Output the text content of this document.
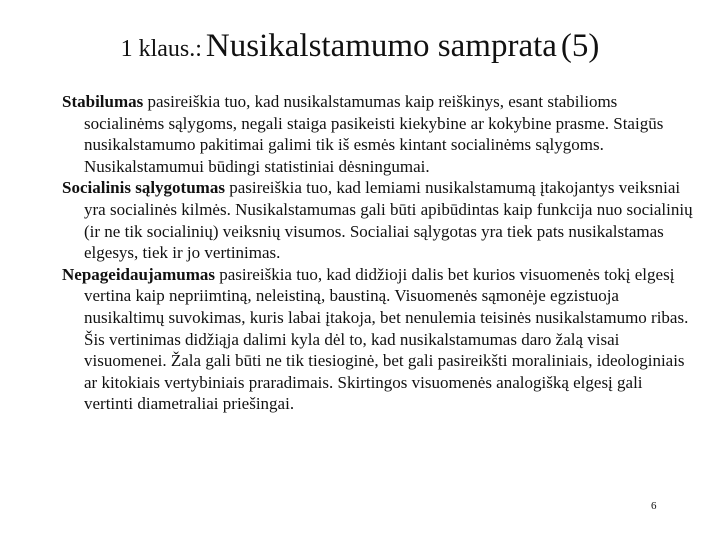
1 klaus.: Nusikalstamumo samprata (5)

Stabilumas pasireiškia tuo, kad nusikalstamumas kaip reiškinys, esant stabilioms socialinėms sąlygoms, negali staiga pasikeisti kiekybine ar kokybine prasme. Staigūs nusikalstamumo pakitimai galimi tik iš esmės kintant socialinėms sąlygoms. Nusikalstamumui būdingi statistiniai dėsningumai.

Socialinis sąlygotumas pasireiškia tuo, kad lemiami nusikalstamumą įtakojantys veiksniai yra socialinės kilmės. Nusikalstamumas gali būti apibūdintas kaip funkcija nuo socialinių (ir ne tik socialinių) veiksnių visumos. Socialiai sąlygotas yra tiek pats nusikalstamas elgesys, tiek ir jo vertinimas.

Nepageidaujamumas pasireiškia tuo, kad didžioji dalis bet kurios visuomenės tokį elgesį vertina kaip nepriimtiną, neleistiną, baustiną. Visuomenės sąmonėje egzistuoja nusikaltimų suvokimas, kuris labai įtakoja, bet nenulemia teisinės nusikalstamumo ribas. Šis vertinimas didžiąja dalimi kyla dėl to, kad nusikalstamumas daro žalą visai visuomenei. Žala gali būti ne tik tiesioginė, bet gali pasireikšti moraliniais, ideologiniais ar kitokiais vertybiniais praradimais. Skirtingos visuomenės analogišką elgesį gali vertinti diametraliai priešingai.

6
